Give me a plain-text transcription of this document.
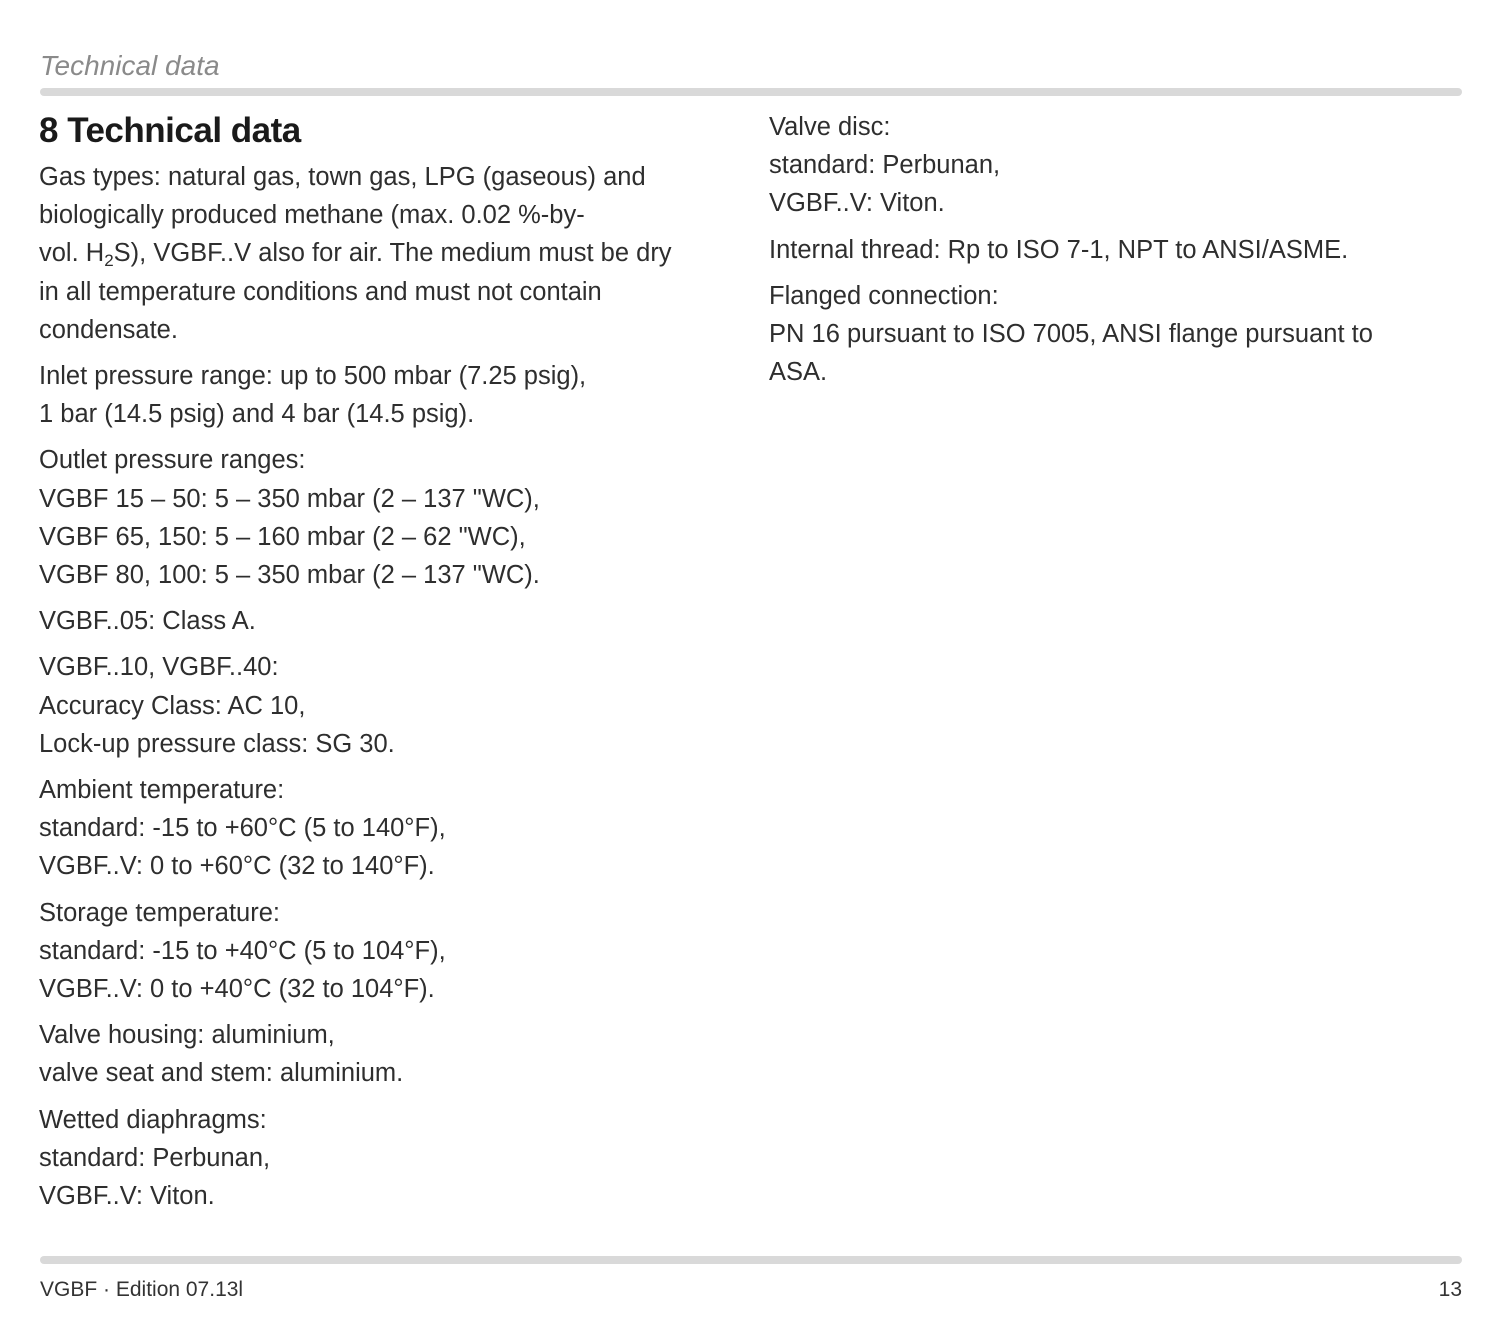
Technical data
8 Technical data
Gas types: natural gas, town gas, LPG (gaseous) and
biologically produced methane (max. 0.02 %-by-
vol. $H_2S$), VGBF..V also for air. The medium must be dry
in all temperature conditions and must not contain
condensate.
Inlet pressure range: up to 500 mbar (7.25 psig),
1 bar (14.5 psig) and 4 bar (14.5 psig).
Outlet pressure ranges:
VGBF 15 – 50: 5 – 350 mbar (2 – 137 "WC),
VGBF 65, 150: 5 – 160 mbar (2 – 62 "WC),
VGBF 80, 100: 5 – 350 mbar (2 – 137 "WC).
VGBF..05: Class A.
VGBF..10, VGBF..40:
Accuracy Class: AC 10,
Lock-up pressure class: SG 30.
Ambient temperature:
standard: -15 to +60°C (5 to 140°F),
VGBF..V: 0 to +60°C (32 to 140°F).
Storage temperature:
standard: -15 to +40°C (5 to 104°F),
VGBF..V: 0 to +40°C (32 to 104°F).
Valve housing: aluminium,
valve seat and stem: aluminium.
Wetted diaphragms:
standard: Perbunan,
VGBF..V: Viton.
Valve disc:
standard: Perbunan,
VGBF..V: Viton.
Internal thread: Rp to ISO 7-1, NPT to ANSI/ASME.
Flanged connection:
PN 16 pursuant to ISO 7005, ANSI flange pursuant to
ASA.
VGBF · Edition 07.13l	13
